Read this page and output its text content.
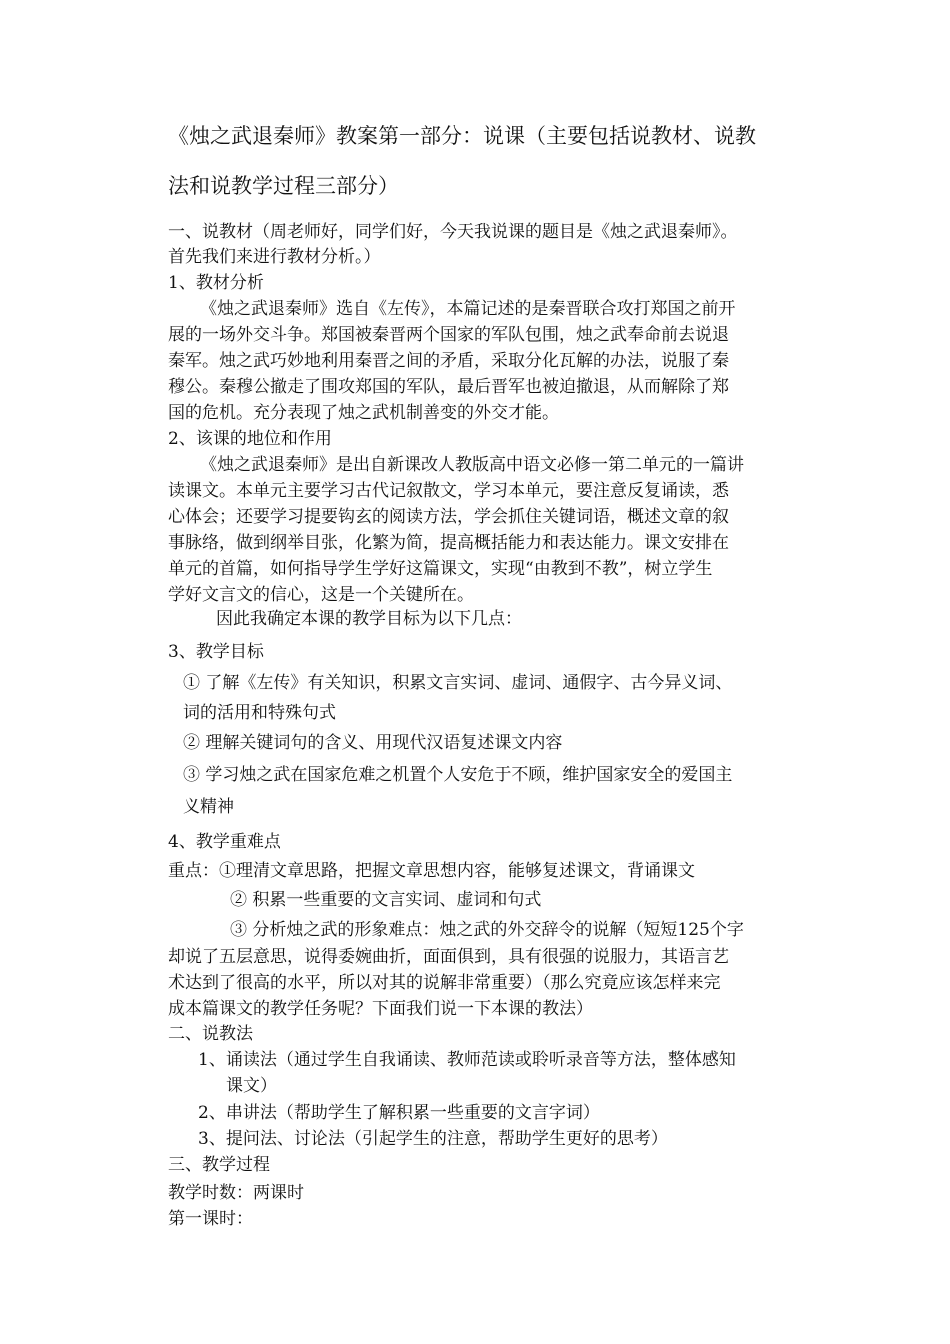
《烛之武退秦师》教案第一部分：说课（主要包括说教材、说教
法和说教学过程三部分）
一、说教材（周老师好，同学们好，今天我说课的题目是《烛之武退秦师》。
首先我们来进行教材分析。）
1、教材分析
《烛之武退秦师》选自《左传》，本篇记述的是秦晋联合攻打郑国之前开
展的一场外交斗争。郑国被秦晋两个国家的军队包围，烛之武奉命前去说退
秦军。烛之武巧妙地利用秦晋之间的矛盾，采取分化瓦解的办法，说服了秦
穆公。秦穆公撤走了围攻郑国的军队，最后晋军也被迫撤退，从而解除了郑
国的危机。充分表现了烛之武机制善变的外交才能。
2、该课的地位和作用
《烛之武退秦师》是出自新课改人教版高中语文必修一第二单元的一篇讲
读课文。本单元主要学习古代记叙散文，学习本单元，要注意反复诵读，悉
心体会；还要学习提要钩玄的阅读方法，学会抓住关键词语，概述文章的叙
事脉络，做到纲举目张，化繁为简，提高概括能力和表达能力。课文安排在
单元的首篇，如何指导学生学好这篇课文，实现“由教到不教”，树立学生
学好文言文的信心，这是一个关键所在。
因此我确定本课的教学目标为以下几点：
3、教学目标
① 了解《左传》有关知识，积累文言实词、虚词、通假字、古今异义词、
词的活用和特殊句式
② 理解关键词句的含义、用现代汉语复述课文内容
③ 学习烛之武在国家危难之机置个人安危于不顾，维护国家安全的爱国主
义精神
4、教学重难点
重点：①理清文章思路，把握文章思想内容，能够复述课文，背诵课文
② 积累一些重要的文言实词、虚词和句式
③ 分析烛之武的形象难点：烛之武的外交辞令的说解（短短125个字
却说了五层意思，说得委婉曲折，面面俱到，具有很强的说服力，其语言艺
术达到了很高的水平，所以对其的说解非常重要）（那么究竟应该怎样来完
成本篇课文的教学任务呢？下面我们说一下本课的教法）
二、说教法
1、诵读法（通过学生自我诵读、教师范读或聆听录音等方法，整体感知
课文）
2、串讲法（帮助学生了解积累一些重要的文言字词）
3、提问法、讨论法（引起学生的注意，帮助学生更好的思考）
三、教学过程
教学时数：两课时
第一课时：
